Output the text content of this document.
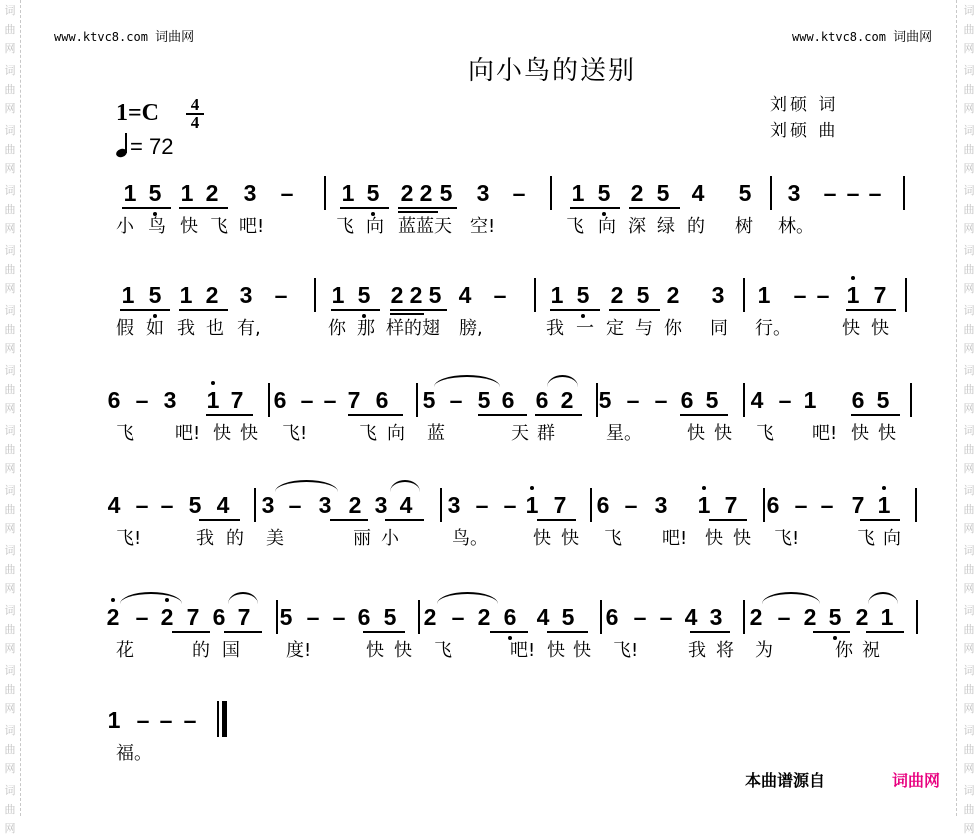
词
曲
网
词
曲
网
词
曲
网
词
曲
网
词
曲
网
词
曲
网
词
曲
网
词
曲
网
词
曲
网
词
曲
网
词
曲
网
词
曲
网
词
曲
网
词
曲
网
词
曲
网
词
曲
网
词
曲
网
词
曲
网
词
曲
网
词
曲
网
词
曲
网
词
曲
网
词
曲
网
词
曲
网
词
曲
网
词
曲
网
词
曲
网
词
曲
网
www.ktvc8.com 词曲网	www.ktvc8.com 词曲网
向小鸟的送别
刘硕 词
刘硕 曲
1=C 4
4
= 72
1 5 1 2 3 – 1 5 2 2 5 3 – 1 5 2 5 4 5 3 – – –
小 鸟 快 飞 吧!	飞 向 蓝蓝天 空!	飞 向 深 绿 的 树 林。
1 5 1 2 3 – 1 5 2 2 5 4 – 1 5 2 5 2 3 1 – – 1 7
假 如 我 也 有,	你 那 样的翅 膀,	我 一 定 与 你 同 行。	快 快
6 – 3 1 7 6 – – 7 6 5 – 5 6 6 2 5 – – 6 5 4 – 1 6 5
飞 吧! 快 快 飞!	飞 向 蓝	天 群	星。	快 快 飞 吧! 快 快
4 – – 5 4 3 – 3 2 3 4 3 – – 1 7 6 – 3 1 7 6 – – 7 1
飞!	我 的 美	丽 小	鸟。	快 快 飞 吧! 快 快 飞!	飞 向
2 – 2 7 6 7 5 – – 6 5 2 – 2 6 4 5 6 – – 4 3 2 – 2 5 2 1
花	的 国	度!	快 快 飞	吧! 快 快 飞!	我 将 为	你 祝
1 – – –
福。
本曲谱源自	词曲网
